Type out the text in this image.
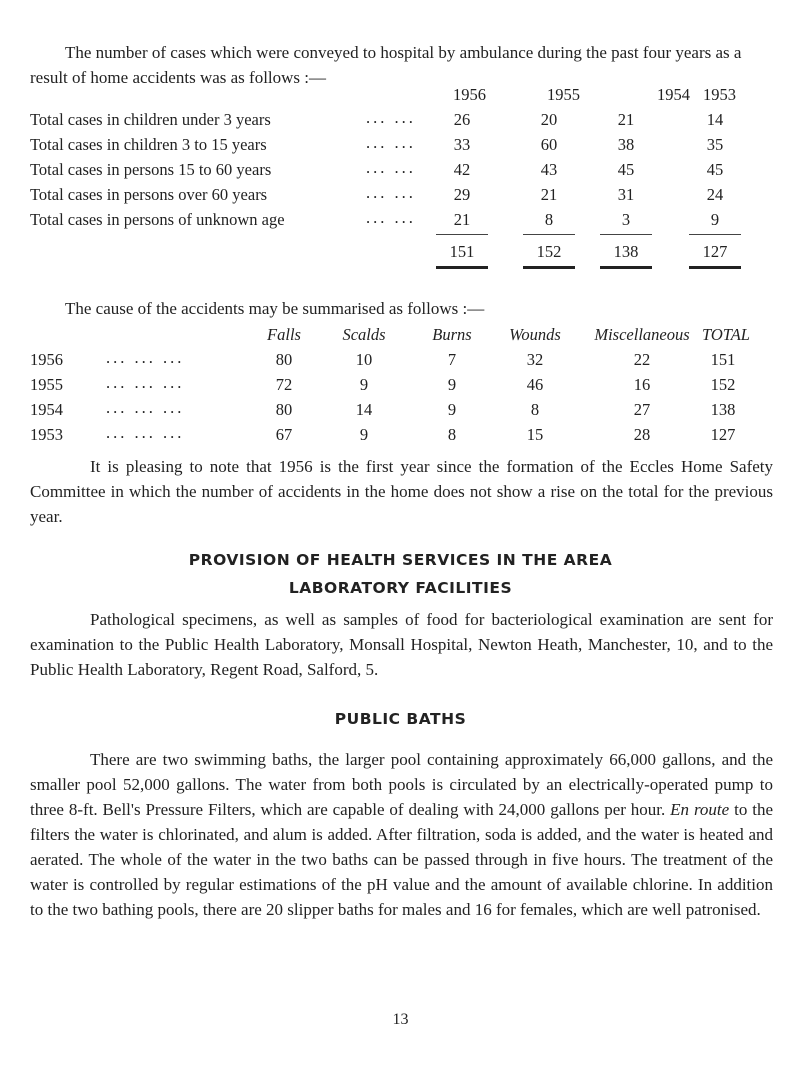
The number of cases which were conveyed to hospital by ambulance during the past four years as a result of home accidents was as follows :—

1956	1955	1954 1953
Total cases in children under 3 years	... ...	26	20	21	14
Total cases in children 3 to 15 years	... ...	33	60	38	35
Total cases in persons 15 to 60 years	... ...	42	43	45	45
Total cases in persons over 60 years	... ...	29	21	31	24
Total cases in persons of unknown age	... ...	21	8	3	9
151	152	138	127

The cause of the accidents may be summarised as follows :—

Falls	Scalds	Burns	Wounds	Miscellaneous TOTAL
1956	... ... ...	80	10	7	32	22	151
1955	... ... ...	72	9	9	46	16	152
1954	... ... ...	80	14	9	8	27	138
1953	... ... ...	67	9	8	15	28	127

It is pleasing to note that 1956 is the first year since the formation of the Eccles Home Safety Committee in which the number of accidents in the home does not show a rise on the total for the previous year.

PROVISION OF HEALTH SERVICES IN THE AREA
LABORATORY FACILITIES

Pathological specimens, as well as samples of food for bacteriological examination are sent for examination to the Public Health Laboratory, Monsall Hospital, Newton Heath, Manchester, 10, and to the Public Health Laboratory, Regent Road, Salford, 5.

PUBLIC BATHS

There are two swimming baths, the larger pool containing approximately 66,000 gallons, and the smaller pool 52,000 gallons. The water from both pools is circulated by an electrically-operated pump to three 8-ft. Bell's Pressure Filters, which are capable of dealing with 24,000 gallons per hour. En route to the filters the water is chlorinated, and alum is added. After filtration, soda is added, and the water is heated and aerated. The whole of the water in the two baths can be passed through in five hours. The treatment of the water is controlled by regular estimations of the pH value and the amount of available chlorine. In addition to the two bathing pools, there are 20 slipper baths for males and 16 for females, which are well patronised.

13
